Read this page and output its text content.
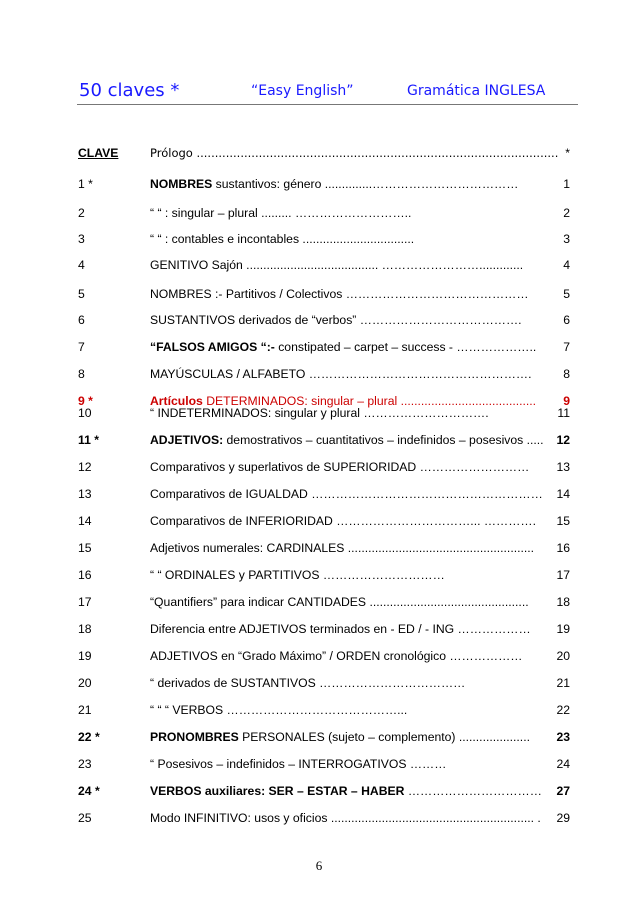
50 claves *	“Easy English”	Gramática INGLESA
CLAVE	Prólogo ................................................................................................... *
1 *	NOMBRES sustantivos: género ..............………………………………	1
2	“ “ : singular – plural ......... ………………………..	2
3	“ “ : contables e incontables .................................	3
4	GENITIVO Sajón ....................................... …………………….............	4
5	NOMBRES :- Partitivos / Colectivos ………………………………………	5
6	SUSTANTIVOS derivados de “verbos” ………………………………….	6
7	“FALSOS AMIGOS “:- constipated – carpet – success - ……………….. 7
8	MAYÚSCULAS / ALFABETO ……………………………………………….	8
9 *	Artículos DETERMINADOS: singular – plural ........................................ 9
10	“ INDETERMINADOS: singular y plural ………………………….	11
11 *	ADJETIVOS: demostrativos – cuantitativos – indefinidos – posesivos ..... 12
12	Comparativos y superlativos de SUPERIORIDAD ……………………… 13
13	Comparativos de IGUALDAD ………………………………………………… 14
14	Comparativos de INFERIORIDAD ……………………………... …………. 15
15	Adjetivos numerales: CARDINALES ....................................................... 16
16	“ “ ORDINALES y PARTITIVOS …………………………	17
17	“Quantifiers” para indicar CANTIDADES ............................................... 18
18	Diferencia entre ADJETIVOS terminados en - ED / - ING ……………… 19
19	ADJETIVOS en “Grado Máximo” / ORDEN cronológico ………………	20
20	“ derivados de SUSTANTIVOS ………………………………	21
21	“ “ “ VERBOS ……………………………………...	22
22 *	PRONOMBRES PERSONALES (sujeto – complemento) ..................... 23
23	“ Posesivos – indefinidos – INTERROGATIVOS ………	24
24 *	VERBOS auxiliares: SER – ESTAR – HABER …………………………… 27
25	Modo INFINITIVO: usos y oficios ............................................................ . 29
6
